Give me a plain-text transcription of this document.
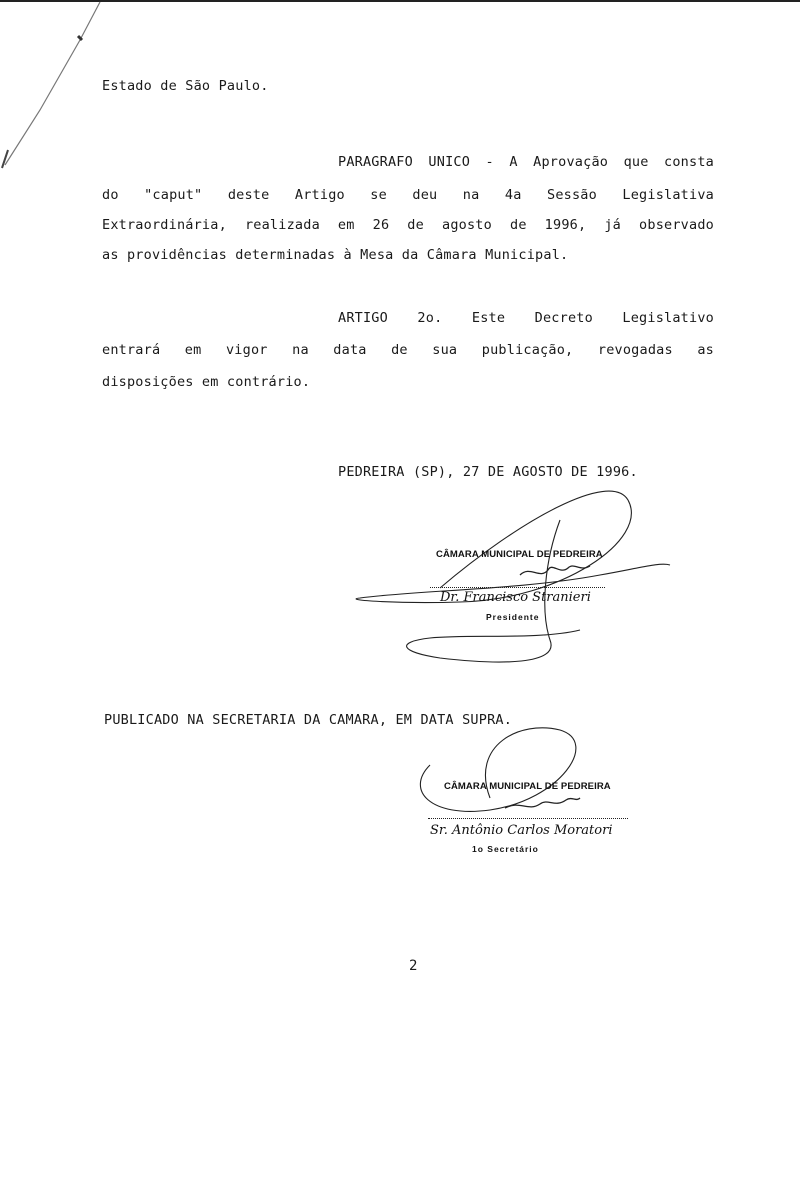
Estado de São Paulo.
PARAGRAFO UNICO - A Aprovação que consta
do "caput" deste Artigo se deu na 4a Sessão Legislativa
Extraordinária, realizada em 26 de agosto de 1996, já observado
as providências determinadas à Mesa da Câmara Municipal.
ARTIGO 2o. Este Decreto Legislativo
entrará em vigor na data de sua publicação, revogadas as
disposições em contrário.
PEDREIRA (SP), 27 DE AGOSTO DE 1996.
CÂMARA MUNICIPAL DE PEDREIRA
Dr. Francisco Stranieri
Presidente
PUBLICADO NA SECRETARIA DA CAMARA, EM DATA SUPRA.
CÂMARA MUNICIPAL DE PEDREIRA
Sr. Antônio Carlos Moratori
1o Secretário
2
